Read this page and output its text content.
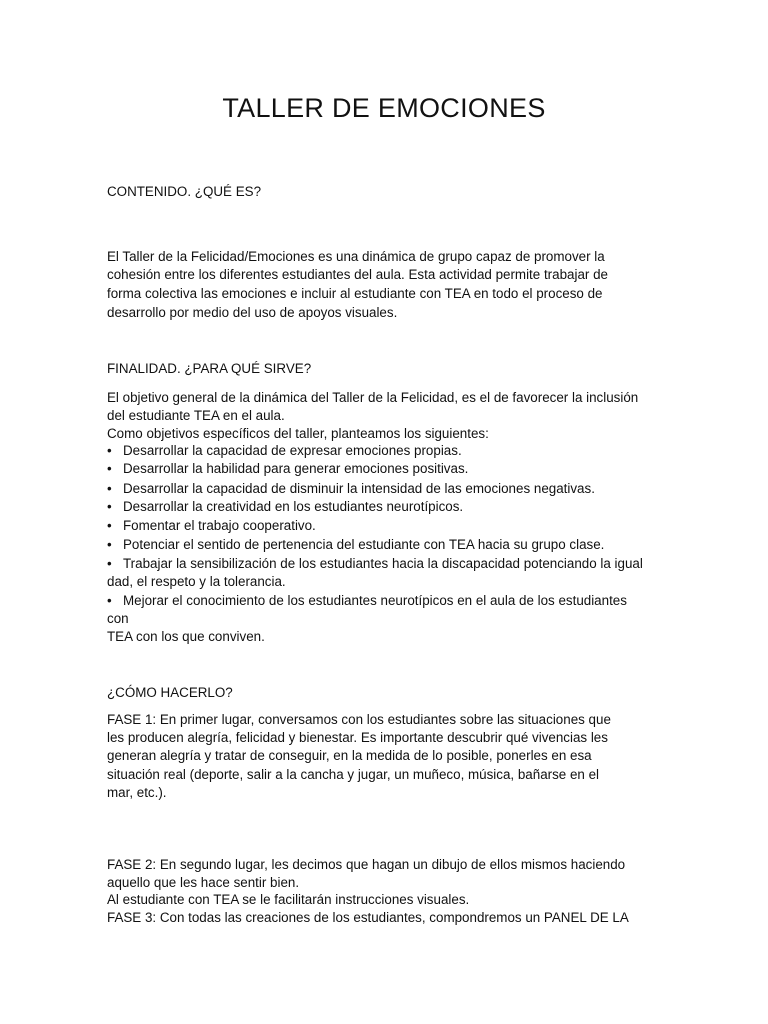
TALLER DE EMOCIONES

CONTENIDO. ¿QUÉ ES?

El Taller de la Felicidad/Emociones es una dinámica de grupo capaz de promover la

cohesión entre los diferentes estudiantes del aula. Esta actividad permite trabajar de

forma colectiva las emociones e incluir al estudiante con TEA en todo el proceso de

desarrollo por medio del uso de apoyos visuales.

FINALIDAD. ¿PARA QUÉ SIRVE?

El objetivo general de la dinámica del Taller de la Felicidad, es el de favorecer la inclusión

del estudiante TEA en el aula.

Como objetivos específicos del taller, planteamos los siguientes:

• Desarrollar la capacidad de expresar emociones propias.

• Desarrollar la habilidad para generar emociones positivas.

• Desarrollar la capacidad de disminuir la intensidad de las emociones negativas.

• Desarrollar la creatividad en los estudiantes neurotípicos.

• Fomentar el trabajo cooperativo.

• Potenciar el sentido de pertenencia del estudiante con TEA hacia su grupo clase.

• Trabajar la sensibilización de los estudiantes hacia la discapacidad potenciando la igual

dad, el respeto y la tolerancia.

• Mejorar el conocimiento de los estudiantes neurotípicos en el aula de los estudiantes

con

TEA con los que conviven.

¿CÓMO HACERLO?

FASE 1: En primer lugar, conversamos con los estudiantes sobre las situaciones que

les producen alegría, felicidad y bienestar. Es importante descubrir qué vivencias les

generan alegría y tratar de conseguir, en la medida de lo posible, ponerles en esa

situación real (deporte, salir a la cancha y jugar, un muñeco, música, bañarse en el

mar, etc.).

FASE 2: En segundo lugar, les decimos que hagan un dibujo de ellos mismos haciendo

aquello que les hace sentir bien.

Al estudiante con TEA se le facilitarán instrucciones visuales.

FASE 3: Con todas las creaciones de los estudiantes, compondremos un PANEL DE LA
